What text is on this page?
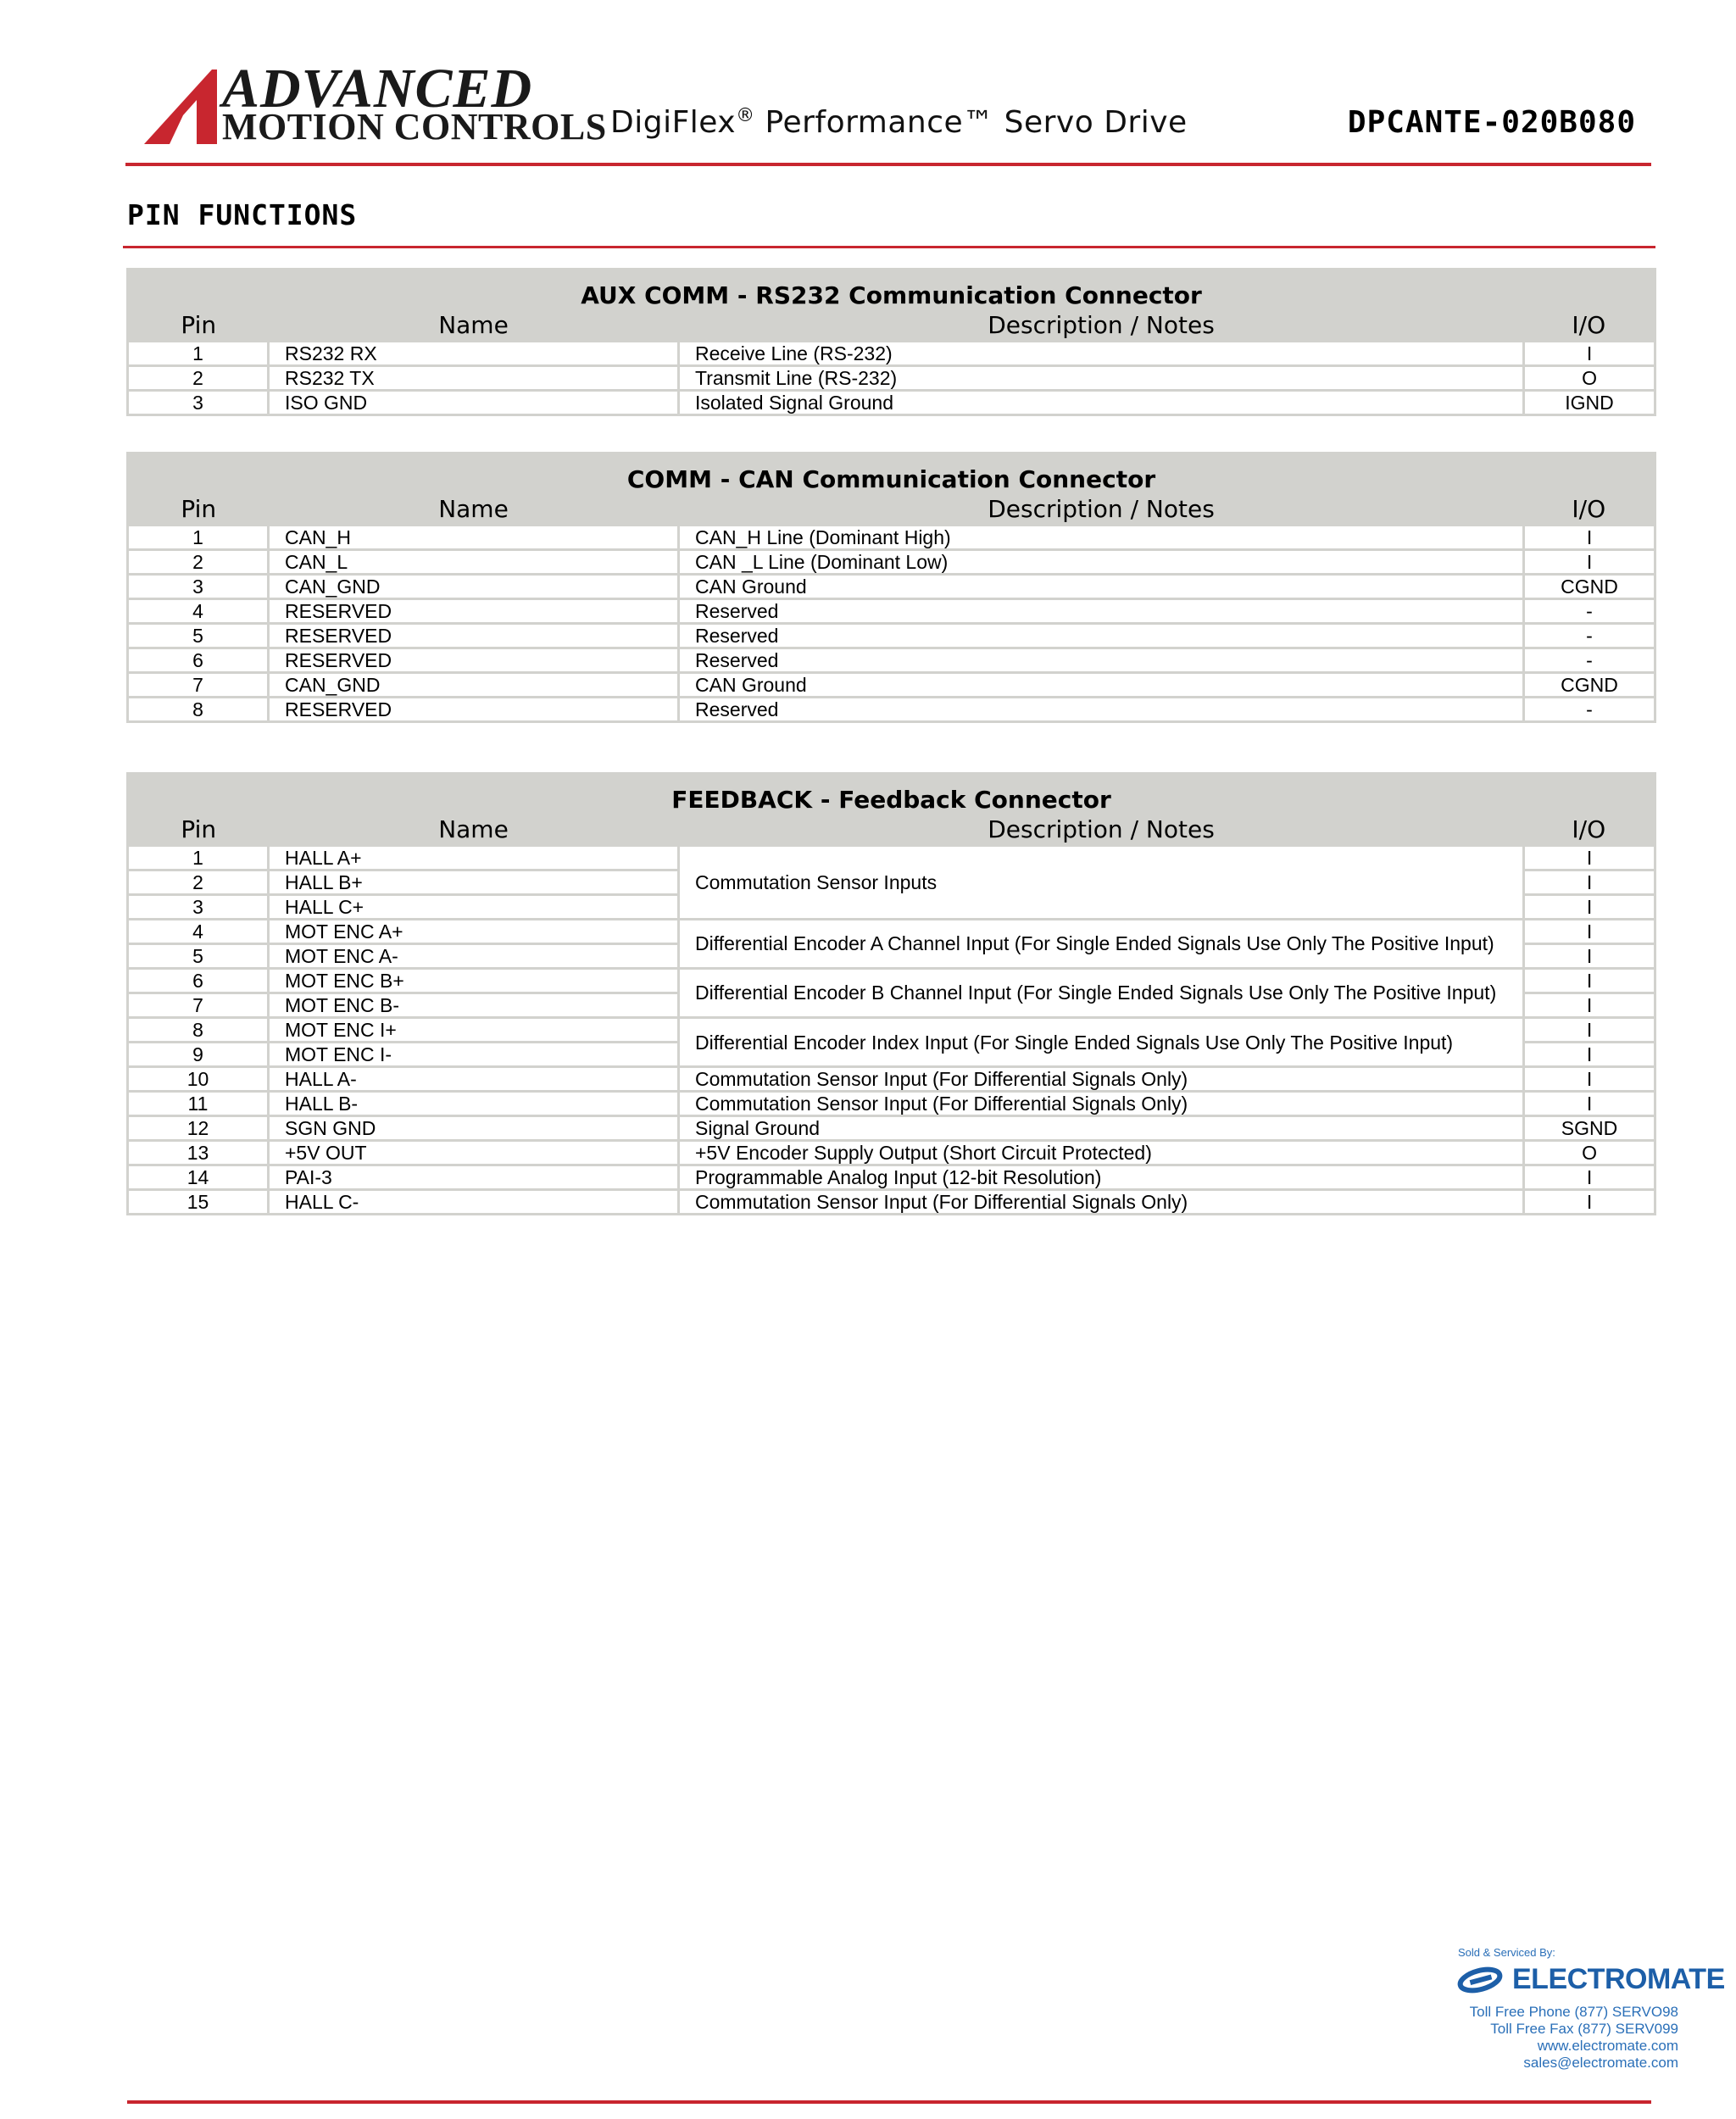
ADVANCED
MOTION CONTROLS DigiFlex® Performance™ Servo Drive	DPCANTE-020B080
PIN FUNCTIONS
AUX COMM - RS232 Communication Connector			
Pin	Name	Description / Notes	I/O
1	RS232 RX	Receive Line (RS-232)	I
2	RS232 TX	Transmit Line (RS-232)	O
3	ISO GND	Isolated Signal Ground	IGND
COMM - CAN Communication Connector			
Pin	Name	Description / Notes	I/O
1	CAN_H	CAN_H Line (Dominant High)	I
2	CAN_L	CAN _L Line (Dominant Low)	I
3	CAN_GND	CAN Ground	CGND
4	RESERVED	Reserved	-
5	RESERVED	Reserved	-
6	RESERVED	Reserved	-
7	CAN_GND	CAN Ground	CGND
8	RESERVED	Reserved	-
FEEDBACK - Feedback Connector			
Pin	Name	Description / Notes	I/O
1	HALL A+	Commutation Sensor Inputs	I
2	HALL B+		I
3	HALL C+		I
4	MOT ENC A+	Differential Encoder A Channel Input (For Single Ended Signals Use Only The Positive Input)	I
5	MOT ENC A-		I
6	MOT ENC B+	Differential Encoder B Channel Input (For Single Ended Signals Use Only The Positive Input)	I
7	MOT ENC B-		I
8	MOT ENC I+	Differential Encoder Index Input (For Single Ended Signals Use Only The Positive Input)	I
9	MOT ENC I-		I
10	HALL A-	Commutation Sensor Input (For Differential Signals Only)	I
11	HALL B-	Commutation Sensor Input (For Differential Signals Only)	I
12	SGN GND	Signal Ground	SGND
13	+5V OUT	+5V Encoder Supply Output (Short Circuit Protected)	O
14	PAI-3	Programmable Analog Input (12-bit Resolution)	I
15	HALL C-	Commutation Sensor Input (For Differential Signals Only)	I
Sold & Serviced By:
ELECTROMATE
Toll Free Phone (877) SERVO98
Toll Free Fax (877) SERV099
www.electromate.com
sales@electromate.com
